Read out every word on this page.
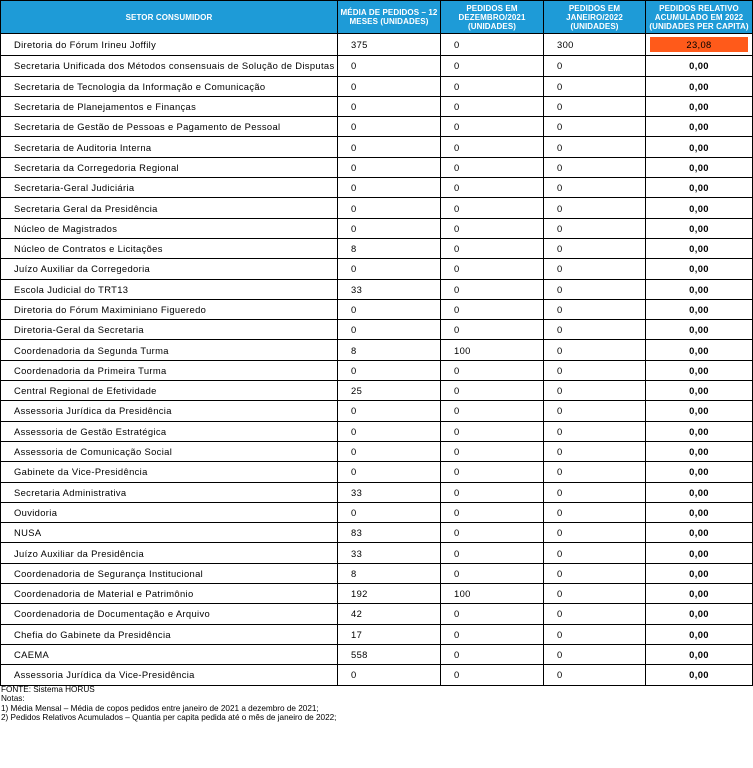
SETOR CONSUMIDOR	MÉDIA DE PEDIDOS – 12 MESES (UNIDADES)	PEDIDOS EM DEZEMBRO/2021 (UNIDADES)	PEDIDOS EM JANEIRO/2022 (UNIDADES)	PEDIDOS RELATIVO ACUMULADO EM 2022 (UNIDADES PER CAPITA)
Diretoria do Fórum Irineu Joffily	375	0	300	23,08

Secretaria Unificada dos Métodos consensuais de Solução de Disputas	0	0	0	0,00
Secretaria de Tecnologia da Informação e Comunicação	0	0	0	0,00
Secretaria de Planejamentos e Finanças	0	0	0	0,00
Secretaria de Gestão de Pessoas e Pagamento de Pessoal	0	0	0	0,00
Secretaria de Auditoria Interna	0	0	0	0,00
Secretaria da Corregedoria Regional	0	0	0	0,00
Secretaria-Geral Judiciária	0	0	0	0,00
Secretaria Geral da Presidência	0	0	0	0,00
Núcleo de Magistrados	0	0	0	0,00
Núcleo de Contratos e Licitações	8	0	0	0,00
Juízo Auxiliar da Corregedoria	0	0	0	0,00
Escola Judicial do TRT13	33	0	0	0,00
Diretoria do Fórum Maximiniano Figueredo	0	0	0	0,00
Diretoria-Geral da Secretaria	0	0	0	0,00
Coordenadoria da Segunda Turma	8	100	0	0,00
Coordenadoria da Primeira Turma	0	0	0	0,00
Central Regional de Efetividade	25	0	0	0,00
Assessoria Jurídica da Presidência	0	0	0	0,00
Assessoria de Gestão Estratégica	0	0	0	0,00
Assessoria de Comunicação Social	0	0	0	0,00
Gabinete da Vice-Presidência	0	0	0	0,00
Secretaria Administrativa	33	0	0	0,00
Ouvidoria	0	0	0	0,00
NUSA	83	0	0	0,00
Juízo Auxiliar da Presidência	33	0	0	0,00
Coordenadoria de Segurança Institucional	8	0	0	0,00
Coordenadoria de Material e Patrimônio	192	100	0	0,00
Coordenadoria de Documentação e Arquivo	42	0	0	0,00
Chefia do Gabinete da Presidência	17	0	0	0,00
CAEMA	558	0	0	0,00
Assessoria Jurídica da Vice-Presidência	0	0	0	0,00
FONTE: Sistema HORUS
Notas:
1) Média Mensal – Média de copos pedidos entre janeiro de 2021 a dezembro de 2021;
2) Pedidos Relativos Acumulados – Quantia per capita pedida até o mês de janeiro de 2022;
